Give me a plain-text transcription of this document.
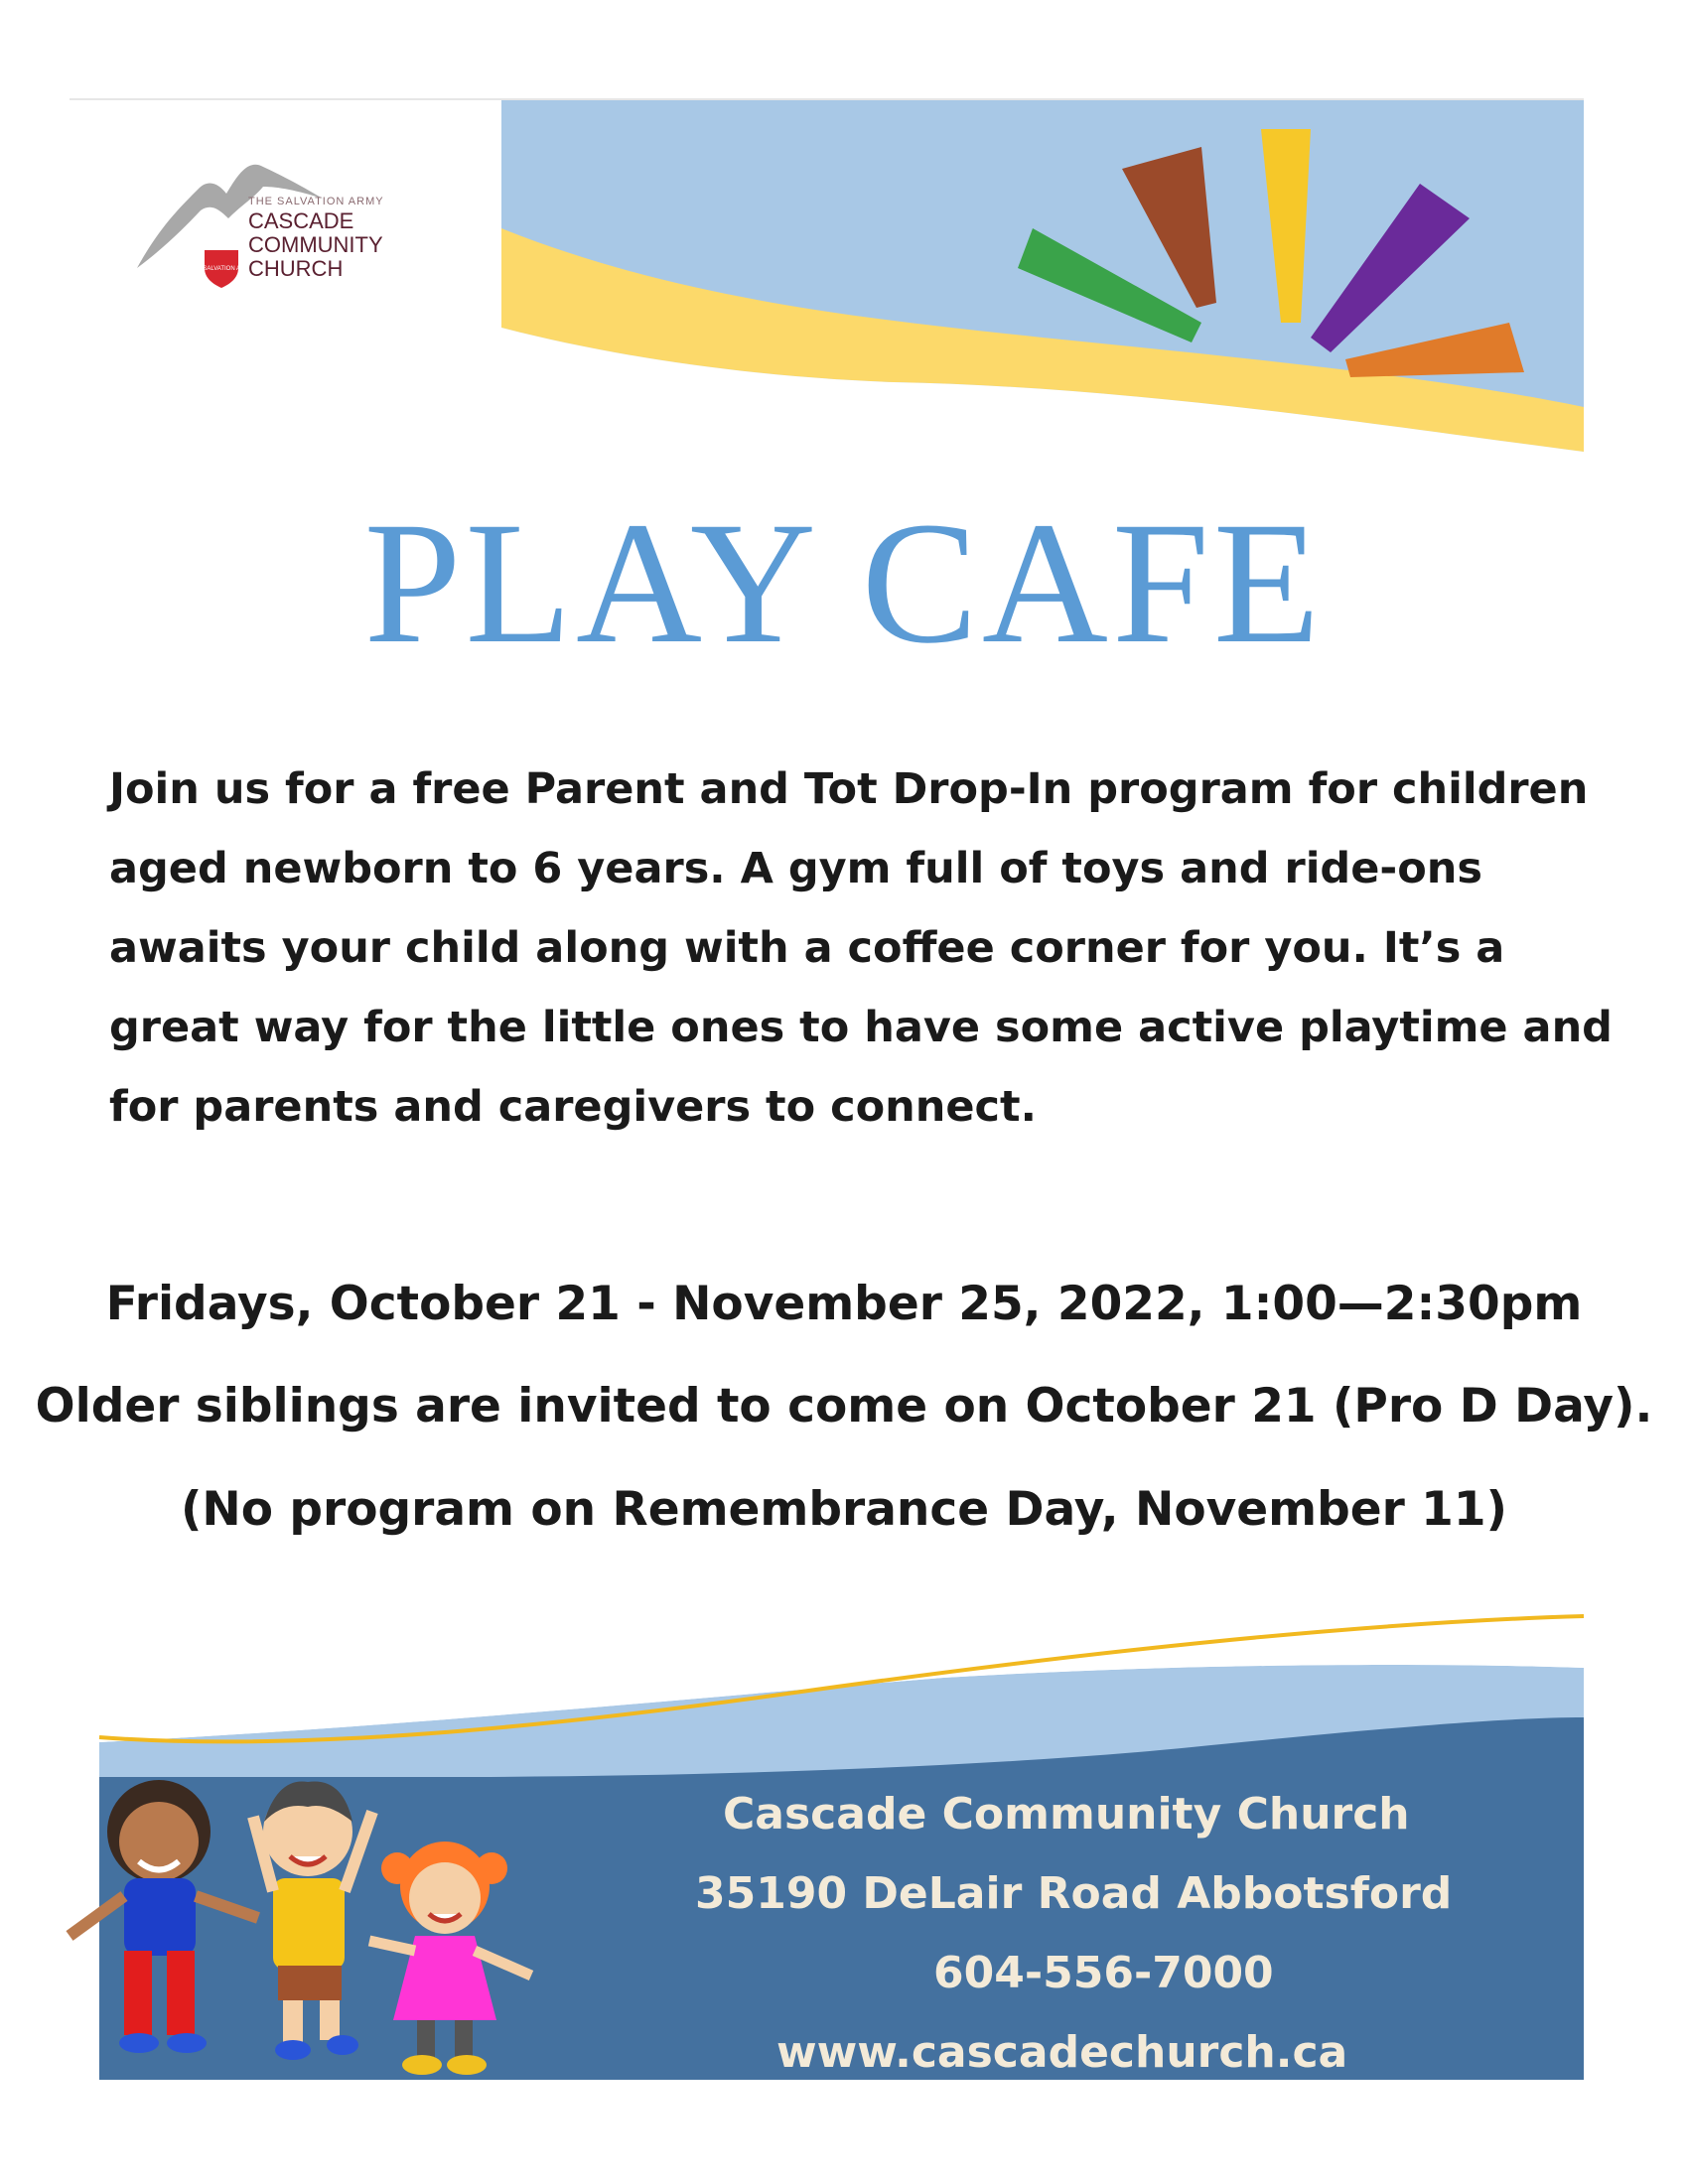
THE SALVATION ARMY
THE SALVATION ARMY
CASCADE
COMMUNITY
CHURCH
PLAY CAFE
Join us for a free Parent and Tot Drop-In program for children aged newborn to 6 years. A gym full of toys and ride-ons awaits your child along with a coffee corner for you. It’s a great way for the little ones to have some active playtime and for parents and caregivers to connect.
Fridays, October 21 - November 25, 2022, 1:00—2:30pm
Older siblings are invited to come on October 21 (Pro D Day).
(No program on Remembrance Day, November 11)
Cascade Community Church
35190 DeLair Road Abbotsford
604-556-7000
www.cascadechurch.ca
